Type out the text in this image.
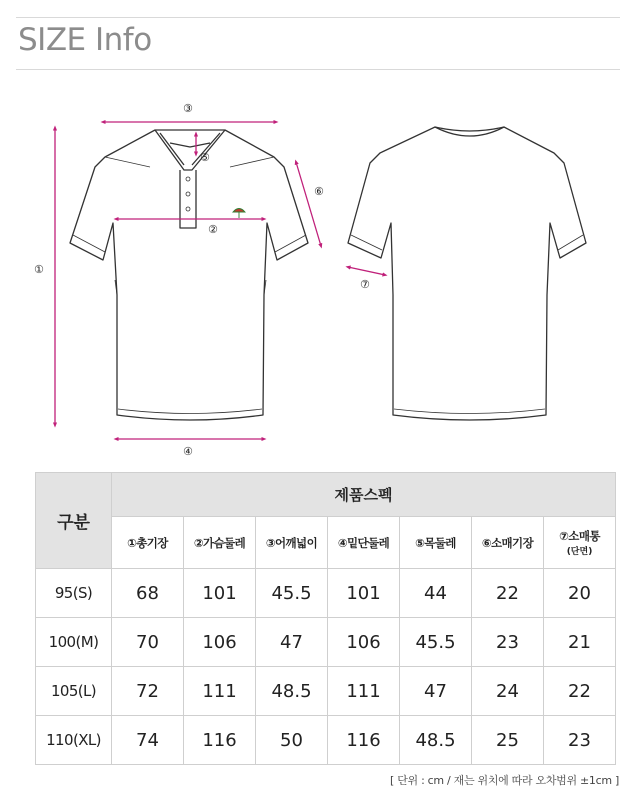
SIZE Info
①
②
③
④
⑤
⑥
⑦
구분	제품스펙						
	①총기장	②가슴둘레	③어깨넓이	④밑단둘레	⑤목둘레	⑥소매기장	⑦소매통
(단면)

95(S)	68	101	45.5	101	44	22	20
100(M)	70	106	47	106	45.5	23	21
105(L)	72	111	48.5	111	47	24	22
110(XL)	74	116	50	116	48.5	25	23
[ 단위 : cm / 재는 위치에 따라 오차범위 ±1cm ]
